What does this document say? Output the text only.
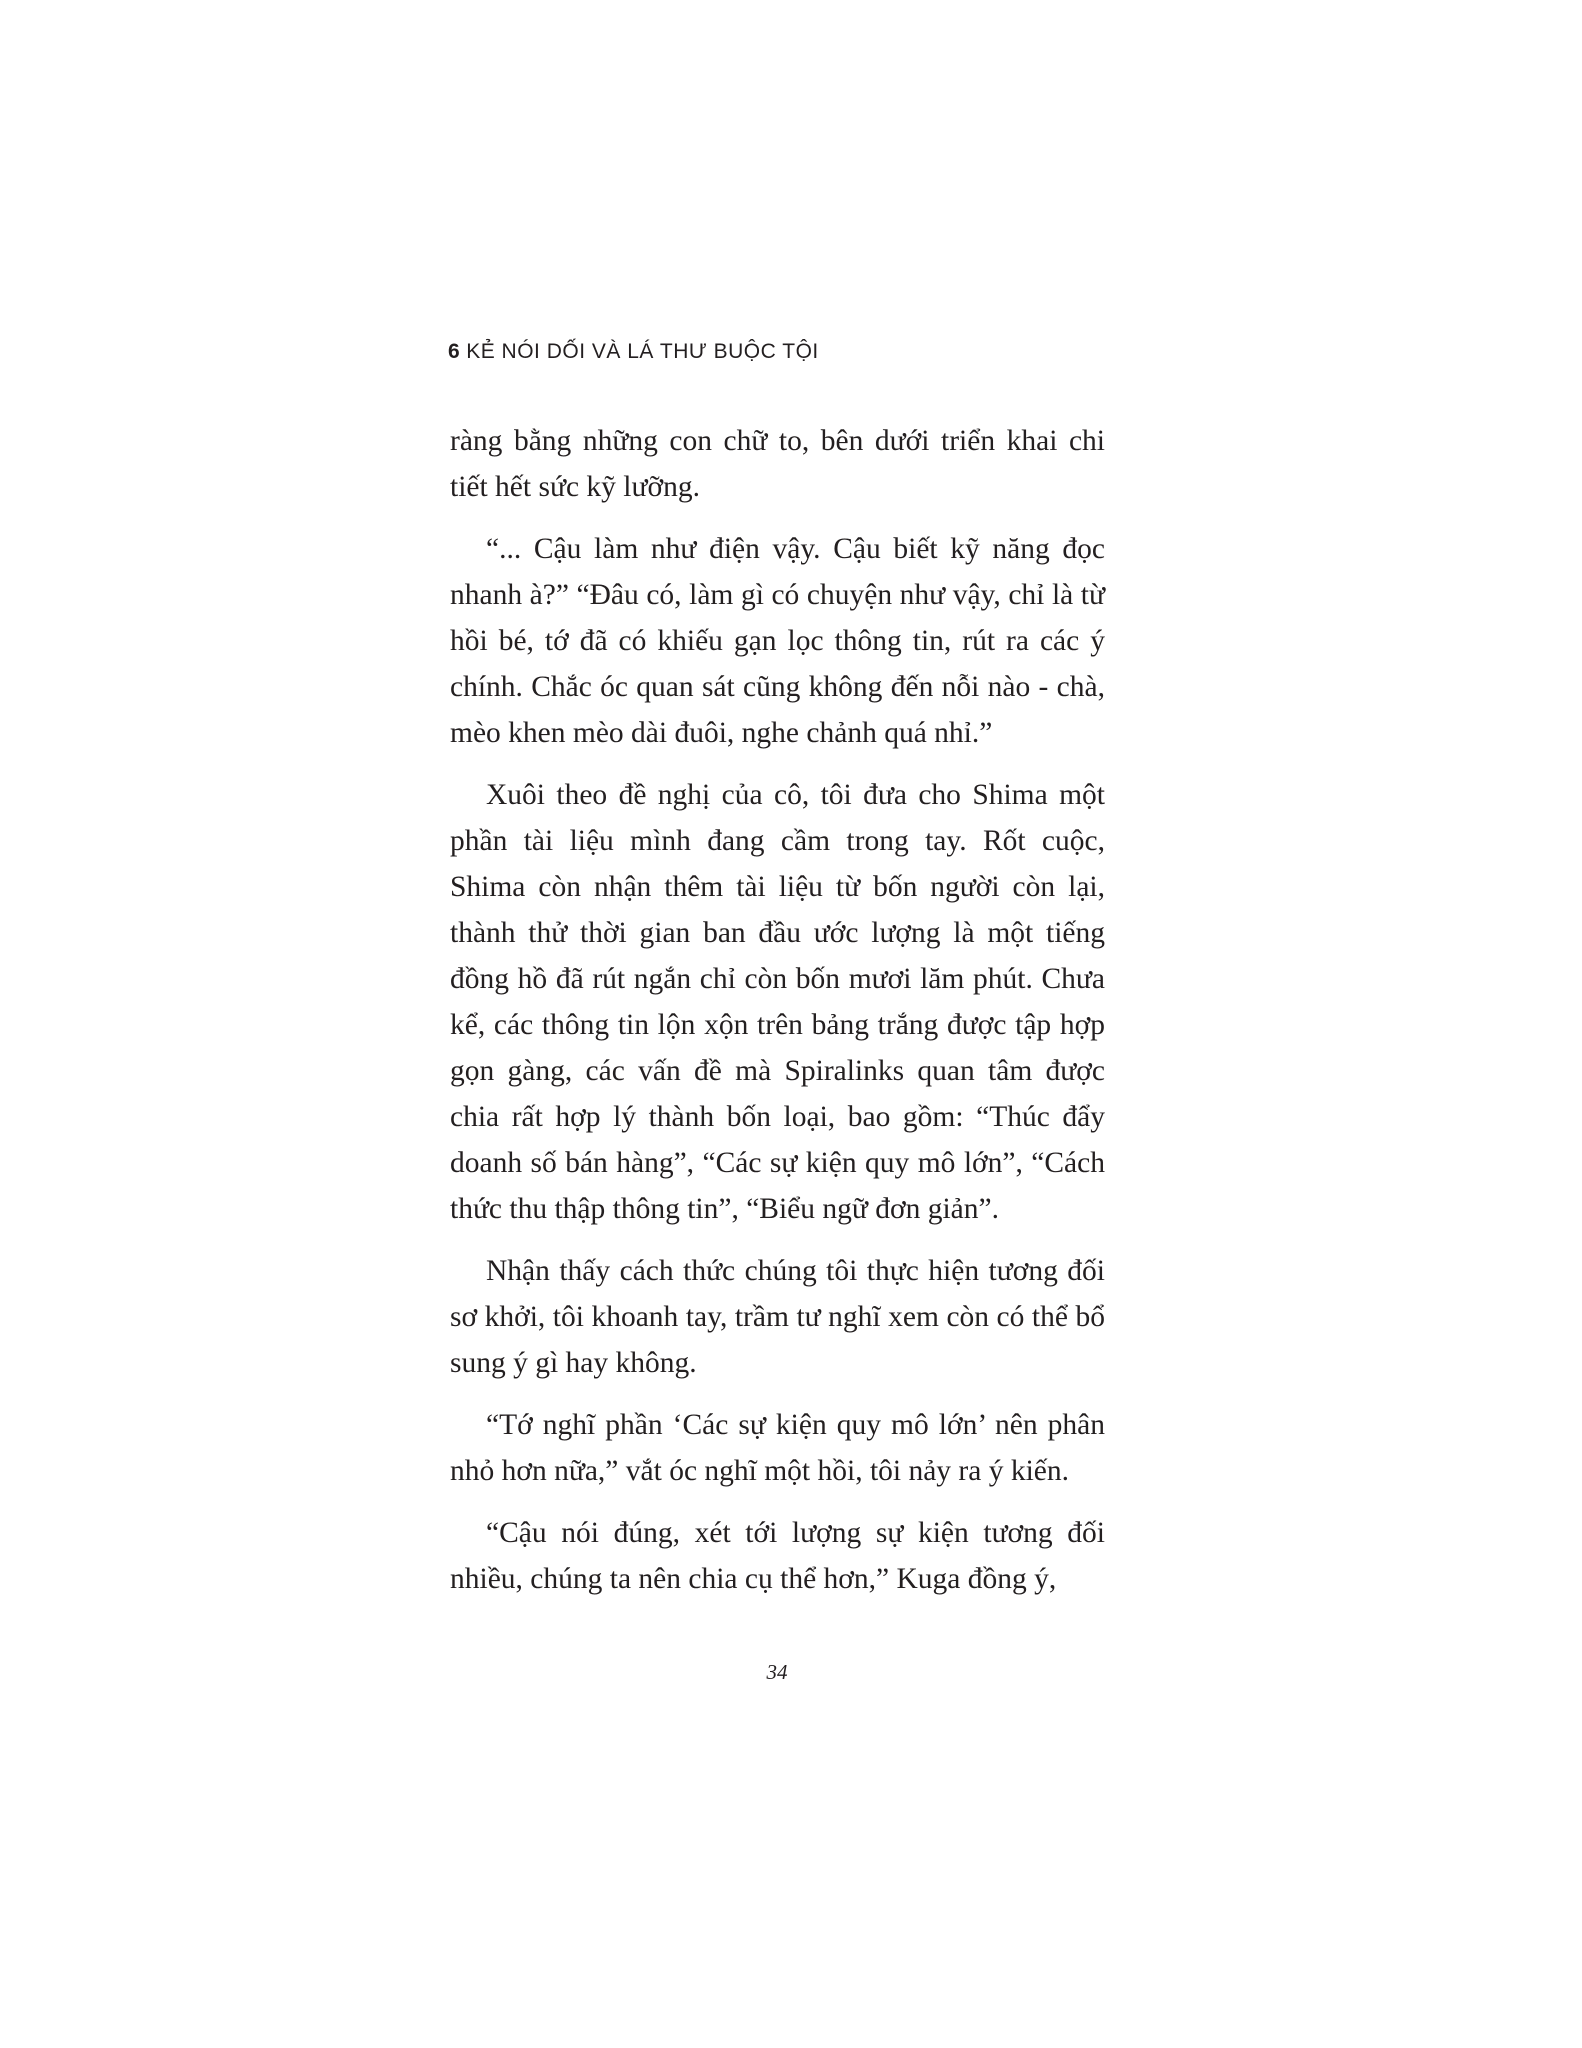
6 KẺ NÓI DỐI VÀ LÁ THƯ BUỘC TỘI

ràng bằng những con chữ to, bên dưới triển khai chi tiết hết sức kỹ lưỡng.

“... Cậu làm như điện vậy. Cậu biết kỹ năng đọc nhanh à?” “Đâu có, làm gì có chuyện như vậy, chỉ là từ hồi bé, tớ đã có khiếu gạn lọc thông tin, rút ra các ý chính. Chắc óc quan sát cũng không đến nỗi nào - chà, mèo khen mèo dài đuôi, nghe chảnh quá nhỉ.”

Xuôi theo đề nghị của cô, tôi đưa cho Shima một phần tài liệu mình đang cầm trong tay. Rốt cuộc, Shima còn nhận thêm tài liệu từ bốn người còn lại, thành thử thời gian ban đầu ước lượng là một tiếng đồng hồ đã rút ngắn chỉ còn bốn mươi lăm phút. Chưa kể, các thông tin lộn xộn trên bảng trắng được tập hợp gọn gàng, các vấn đề mà Spiralinks quan tâm được chia rất hợp lý thành bốn loại, bao gồm: “Thúc đẩy doanh số bán hàng”, “Các sự kiện quy mô lớn”, “Cách thức thu thập thông tin”, “Biểu ngữ đơn giản”.

Nhận thấy cách thức chúng tôi thực hiện tương đối sơ khởi, tôi khoanh tay, trầm tư nghĩ xem còn có thể bổ sung ý gì hay không.

“Tớ nghĩ phần ‘Các sự kiện quy mô lớn’ nên phân nhỏ hơn nữa,” vắt óc nghĩ một hồi, tôi nảy ra ý kiến.

“Cậu nói đúng, xét tới lượng sự kiện tương đối nhiều, chúng ta nên chia cụ thể hơn,” Kuga đồng ý,

34
